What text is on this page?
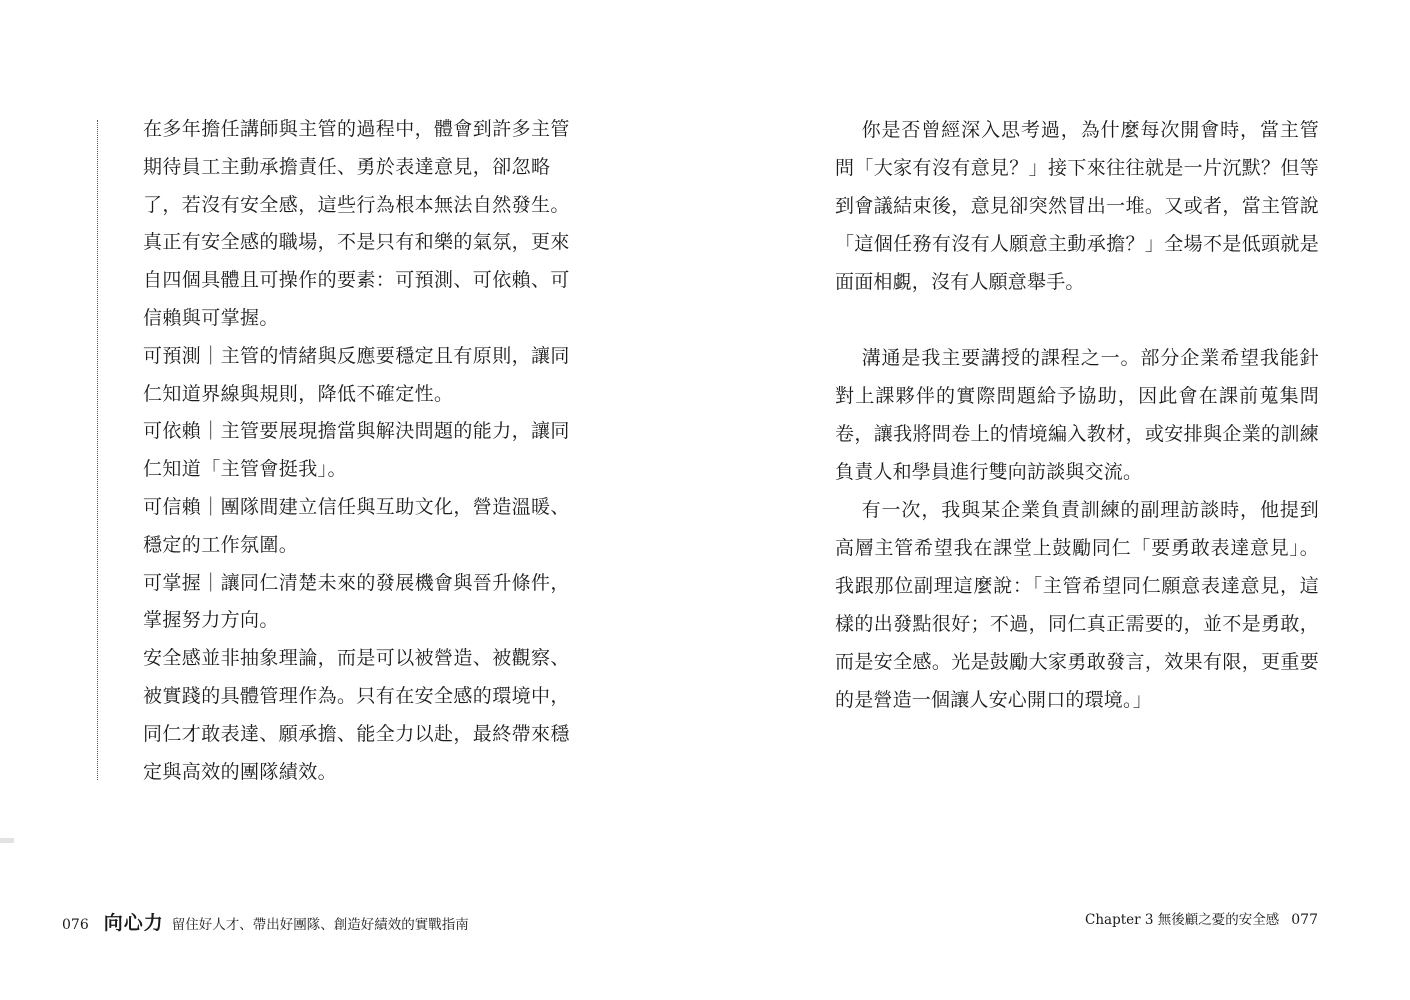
在多年擔任講師與主管的過程中，體會到許多主管期待員工主動承擔責任、勇於表達意見，卻忽略了，若沒有安全感，這些行為根本無法自然發生。真正有安全感的職場，不是只有和樂的氣氛，更來自四個具體且可操作的要素：可預測、可依賴、可信賴與可掌握。

可預測｜主管的情緒與反應要穩定且有原則，讓同仁知道界線與規則，降低不確定性。

可依賴｜主管要展現擔當與解決問題的能力，讓同仁知道「主管會挺我」。

可信賴｜團隊間建立信任與互助文化，營造溫暖、穩定的工作氛圍。

可掌握｜讓同仁清楚未來的發展機會與晉升條件，掌握努力方向。

安全感並非抽象理論，而是可以被營造、被觀察、被實踐的具體管理作為。只有在安全感的環境中，同仁才敢表達、願承擔、能全力以赴，最終帶來穩定與高效的團隊績效。

076 向心力 留住好人才、帶出好團隊、創造好績效的實戰指南

你是否曾經深入思考過，為什麼每次開會時，當主管問「大家有沒有意見？」接下來往往就是一片沉默？但等到會議結束後，意見卻突然冒出一堆。又或者，當主管說「這個任務有沒有人願意主動承擔？」全場不是低頭就是面面相覷，沒有人願意舉手。

溝通是我主要講授的課程之一。部分企業希望我能針對上課夥伴的實際問題給予協助，因此會在課前蒐集問卷，讓我將問卷上的情境編入教材，或安排與企業的訓練負責人和學員進行雙向訪談與交流。

有一次，我與某企業負責訓練的副理訪談時，他提到高層主管希望我在課堂上鼓勵同仁「要勇敢表達意見」。我跟那位副理這麼說：「主管希望同仁願意表達意見，這樣的出發點很好；不過，同仁真正需要的，並不是勇敢，而是安全感。光是鼓勵大家勇敢發言，效果有限，更重要的是營造一個讓人安心開口的環境。」

Chapter 3 無後顧之憂的安全感 077
